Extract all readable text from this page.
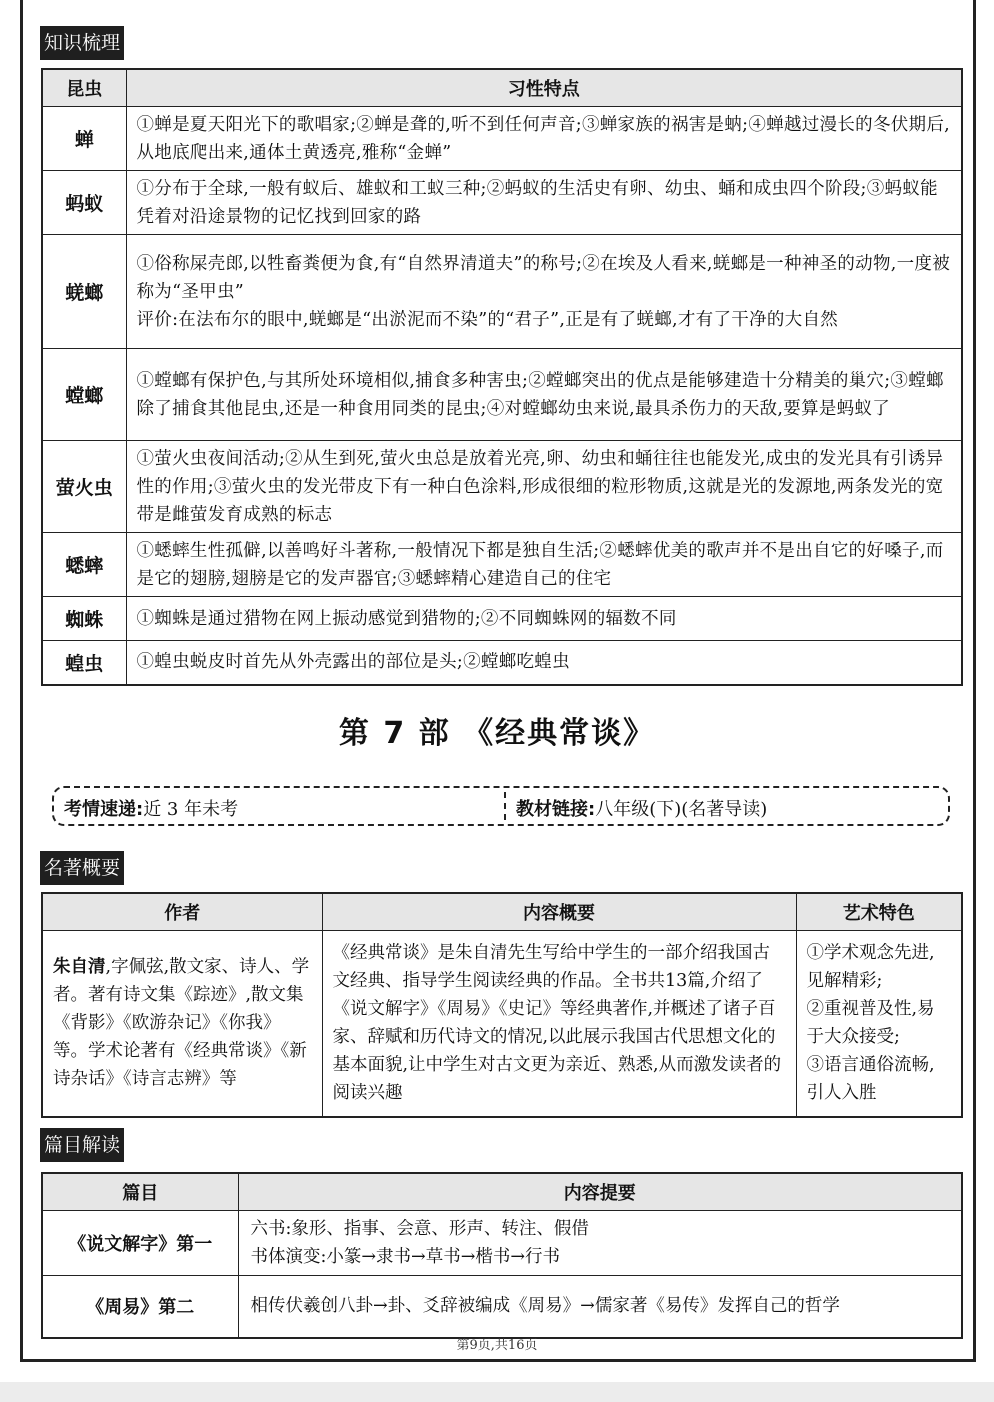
知识梳理
昆虫	习性特点
蝉	①蝉是夏天阳光下的歌唱家;②蝉是聋的,听不到任何声音;③蝉家族的祸害是蚋;④蝉越过漫长的冬伏期后,从地底爬出来,通体土黄透亮,雅称“金蝉”
蚂蚁	①分布于全球,一般有蚁后、雄蚁和工蚁三种;②蚂蚁的生活史有卵、幼虫、蛹和成虫四个阶段;③蚂蚁能凭着对沿途景物的记忆找到回家的路
蜣螂	①俗称屎壳郎,以牲畜粪便为食,有“自然界清道夫”的称号;②在埃及人看来,蜣螂是一种神圣的动物,一度被称为“圣甲虫”
评价:在法布尔的眼中,蜣螂是“出淤泥而不染”的“君子”,正是有了蜣螂,才有了干净的大自然

螳螂	①螳螂有保护色,与其所处环境相似,捕食多种害虫;②螳螂突出的优点是能够建造十分精美的巢穴;③螳螂除了捕食其他昆虫,还是一种食用同类的昆虫;④对螳螂幼虫来说,最具杀伤力的天敌,要算是蚂蚁了
萤火虫	①萤火虫夜间活动;②从生到死,萤火虫总是放着光亮,卵、幼虫和蛹往往也能发光,成虫的发光具有引诱异性的作用;③萤火虫的发光带皮下有一种白色涂料,形成很细的粒形物质,这就是光的发源地,两条发光的宽带是雌萤发育成熟的标志
蟋蟀	①蟋蟀生性孤僻,以善鸣好斗著称,一般情况下都是独自生活;②蟋蟀优美的歌声并不是出自它的好嗓子,而是它的翅膀,翅膀是它的发声器官;③蟋蟀精心建造自己的住宅
蜘蛛	①蜘蛛是通过猎物在网上振动感觉到猎物的;②不同蜘蛛网的辐数不同
蝗虫	①蝗虫蜕皮时首先从外壳露出的部位是头;②螳螂吃蝗虫
第 7 部 《经典常谈》
考情速递:近 3 年未考	教材链接:八年级(下)(名著导读)
名著概要
作者	内容概要	艺术特色
朱自清,字佩弦,散文家、诗人、学者。著有诗文集《踪迹》,散文集《背影》《欧游杂记》《你我》等。学术论著有《经典常谈》《新诗杂话》《诗言志辨》等	《经典常谈》是朱自清先生写给中学生的一部介绍我国古文经典、指导学生阅读经典的作品。全书共13篇,介绍了《说文解字》《周易》《史记》等经典著作,并概述了诸子百家、辞赋和历代诗文的情况,以此展示我国古代思想文化的基本面貌,让中学生对古文更为亲近、熟悉,从而激发读者的阅读兴趣	①学术观念先进,见解精彩;
②重视普及性,易于大众接受;
③语言通俗流畅,引人入胜
篇目解读
篇目	内容提要
《说文解字》第一	六书:象形、指事、会意、形声、转注、假借
书体演变:小篆→隶书→草书→楷书→行书

《周易》第二	相传伏羲创八卦→卦、爻辞被编成《周易》→儒家著《易传》发挥自己的哲学
第9页,共16页
